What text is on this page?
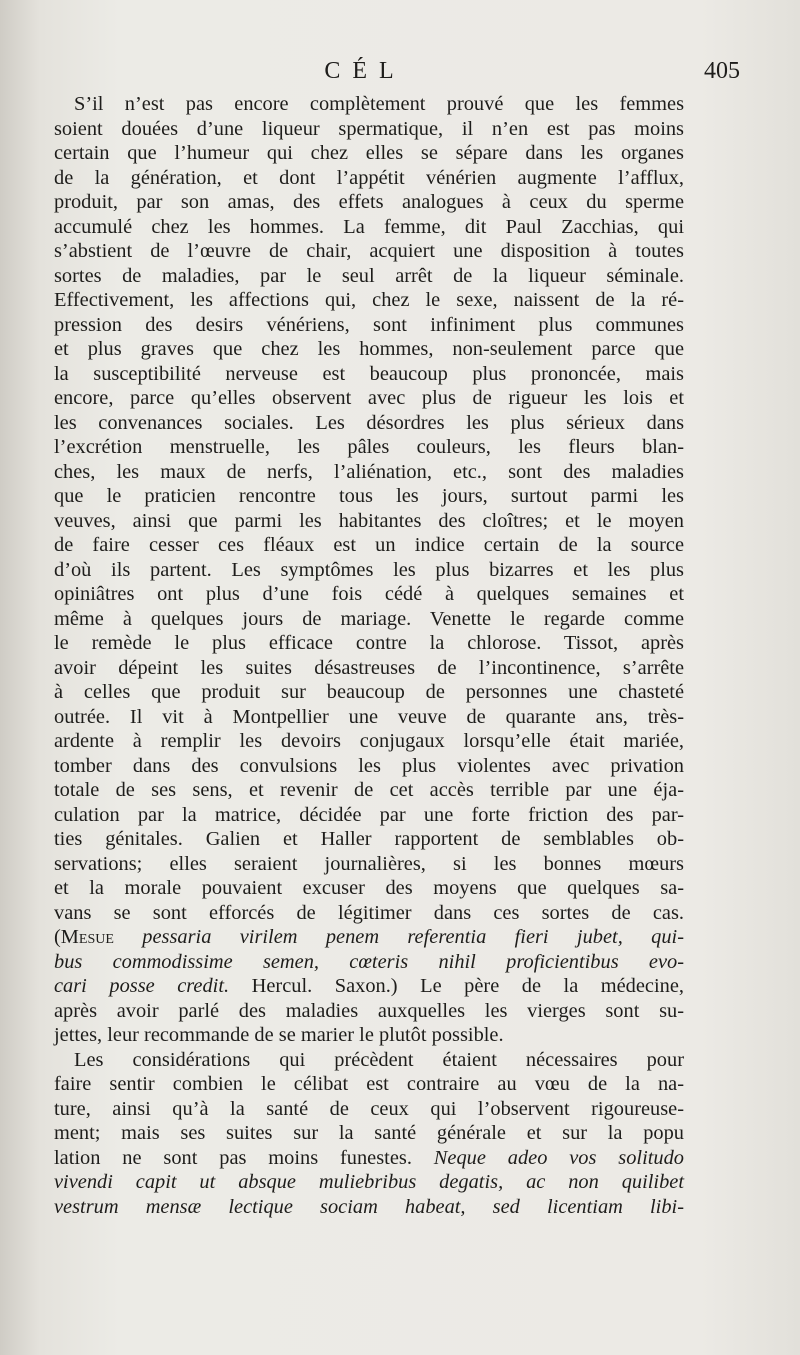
CÉL	405
S’il n’est pas encore complètement prouvé que les femmes
soient douées d’une liqueur spermatique, il n’en est pas moins
certain que l’humeur qui chez elles se sépare dans les organes
de la génération, et dont l’appétit vénérien augmente l’afflux,
produit, par son amas, des effets analogues à ceux du sperme
accumulé chez les hommes. La femme, dit Paul Zacchias, qui
s’abstient de l’œuvre de chair, acquiert une disposition à toutes
sortes de maladies, par le seul arrêt de la liqueur séminale.
Effectivement, les affections qui, chez le sexe, naissent de la ré-
pression des desirs vénériens, sont infiniment plus communes
et plus graves que chez les hommes, non-seulement parce que
la susceptibilité nerveuse est beaucoup plus prononcée, mais
encore, parce qu’elles observent avec plus de rigueur les lois et
les convenances sociales. Les désordres les plus sérieux dans
l’excrétion menstruelle, les pâles couleurs, les fleurs blan-
ches, les maux de nerfs, l’aliénation, etc., sont des maladies
que le praticien rencontre tous les jours, surtout parmi les
veuves, ainsi que parmi les habitantes des cloîtres; et le moyen
de faire cesser ces fléaux est un indice certain de la source
d’où ils partent. Les symptômes les plus bizarres et les plus
opiniâtres ont plus d’une fois cédé à quelques semaines et
même à quelques jours de mariage. Venette le regarde comme
le remède le plus efficace contre la chlorose. Tissot, après
avoir dépeint les suites désastreuses de l’incontinence, s’arrête
à celles que produit sur beaucoup de personnes une chasteté
outrée. Il vit à Montpellier une veuve de quarante ans, très-
ardente à remplir les devoirs conjugaux lorsqu’elle était mariée,
tomber dans des convulsions les plus violentes avec privation
totale de ses sens, et revenir de cet accès terrible par une éja-
culation par la matrice, décidée par une forte friction des par-
ties génitales. Galien et Haller rapportent de semblables ob-
servations; elles seraient journalières, si les bonnes mœurs
et la morale pouvaient excuser des moyens que quelques sa-
vans se sont efforcés de légitimer dans ces sortes de cas.
(Mesue pessaria virilem penem referentia fieri jubet, qui-
bus commodissime semen, cœteris nihil proficientibus evo-
cari posse credit. Hercul. Saxon.) Le père de la médecine,
après avoir parlé des maladies auxquelles les vierges sont su-
jettes, leur recommande de se marier le plutôt possible.
Les considérations qui précèdent étaient nécessaires pour
faire sentir combien le célibat est contraire au vœu de la na-
ture, ainsi qu’à la santé de ceux qui l’observent rigoureuse-
ment; mais ses suites sur la santé générale et sur la popu
lation ne sont pas moins funestes. Neque adeo vos solitudo
vivendi capit ut absque muliebribus degatis, ac non quilibet
vestrum mensæ lectique sociam habeat, sed licentiam libi-
